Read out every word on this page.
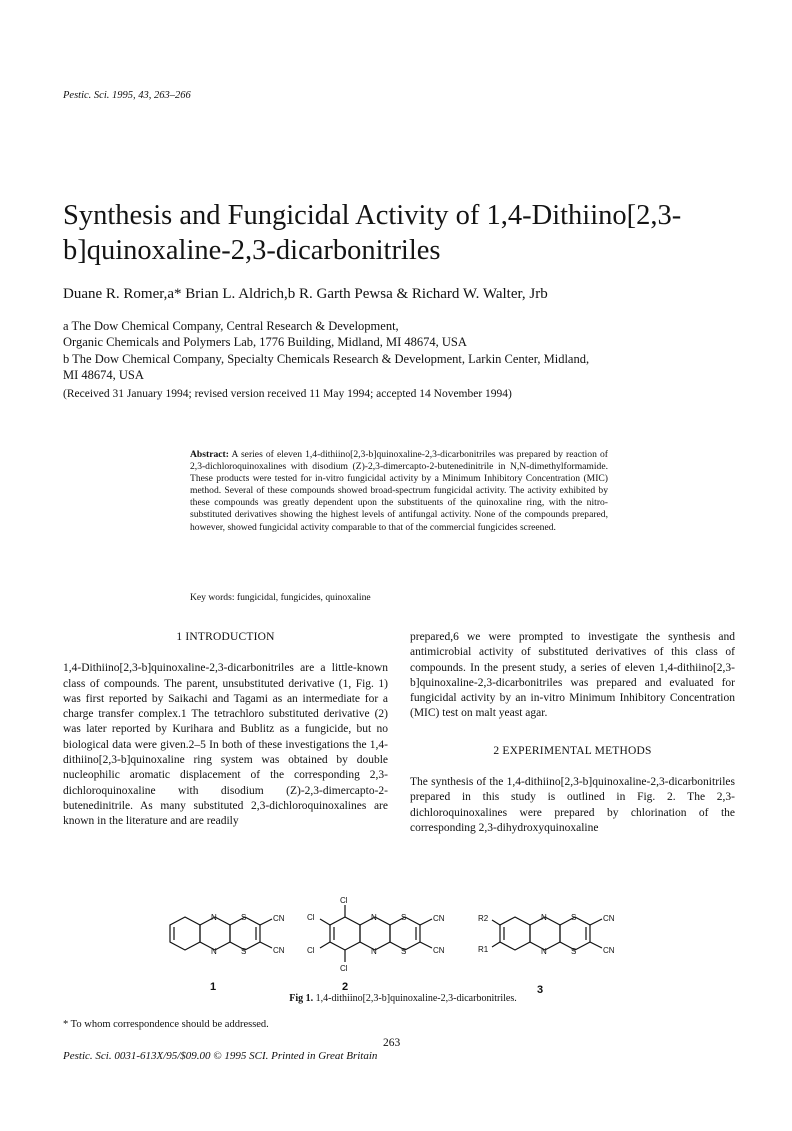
Pestic. Sci. 1995, 43, 263–266
Synthesis and Fungicidal Activity of 1,4-Dithiino[2,3-b]quinoxaline-2,3-dicarbonitriles
Duane R. Romer,a* Brian L. Aldrich,b R. Garth Pewsa & Richard W. Walter, Jrb
a The Dow Chemical Company, Central Research & Development,
Organic Chemicals and Polymers Lab, 1776 Building, Midland, MI 48674, USA
b The Dow Chemical Company, Specialty Chemicals Research & Development, Larkin Center, Midland,
MI 48674, USA
(Received 31 January 1994; revised version received 11 May 1994; accepted 14 November 1994)
Abstract: A series of eleven 1,4-dithiino[2,3-b]quinoxaline-2,3-dicarbonitriles was prepared by reaction of 2,3-dichloroquinoxalines with disodium (Z)-2,3-dimercapto-2-butenedinitrile in N,N-dimethylformamide. These products were tested for in-vitro fungicidal activity by a Minimum Inhibitory Concentration (MIC) method. Several of these compounds showed broad-spectrum fungicidal activity. The activity exhibited by these compounds was greatly dependent upon the substituents of the quinoxaline ring, with the nitro-substituted derivatives showing the highest levels of antifungal activity. None of the compounds prepared, however, showed fungicidal activity comparable to that of the commercial fungicides screened.
Key words: fungicidal, fungicides, quinoxaline
1 INTRODUCTION

1,4-Dithiino[2,3-b]quinoxaline-2,3-dicarbonitriles are a little-known class of compounds. The parent, unsubstituted derivative (1, Fig. 1) was first reported by Saikachi and Tagami as an intermediate for a charge transfer complex.1 The tetrachloro substituted derivative (2) was later reported by Kurihara and Bublitz as a fungicide, but no biological data were given.2–5 In both of these investigations the 1,4-dithiino[2,3-b]quinoxaline ring system was obtained by double nucleophilic aromatic displacement of the corresponding 2,3-dichloroquinoxaline with disodium (Z)-2,3-dimercapto-2-butenedinitrile. As many substituted 2,3-dichloroquinoxalines are known in the literature and are readily

prepared,6 we were prompted to investigate the synthesis and antimicrobial activity of substituted derivatives of this class of compounds. In the present study, a series of eleven 1,4-dithiino[2,3-b]quinoxaline-2,3-dicarbonitriles was prepared and evaluated for fungicidal activity by an in-vitro Minimum Inhibitory Concentration (MIC) test on malt yeast agar.

2 EXPERIMENTAL METHODS

The synthesis of the 1,4-dithiino[2,3-b]quinoxaline-2,3-dicarbonitriles prepared in this study is outlined in Fig. 2. The 2,3-dichloroquinoxalines were prepared by chlorination of the corresponding 2,3-dihydroxyquinoxaline

N
N
S
S
CN
CN
N
N
S
S
CN
CN
Cl
Cl
Cl
Cl
N
N
S
S
CN
CN
R2
R1
1	2	3
Fig 1. 1,4-dithiino[2,3-b]quinoxaline-2,3-dicarbonitriles.
* To whom correspondence should be addressed.
263
Pestic. Sci. 0031-613X/95/$09.00 © 1995 SCI. Printed in Great Britain
